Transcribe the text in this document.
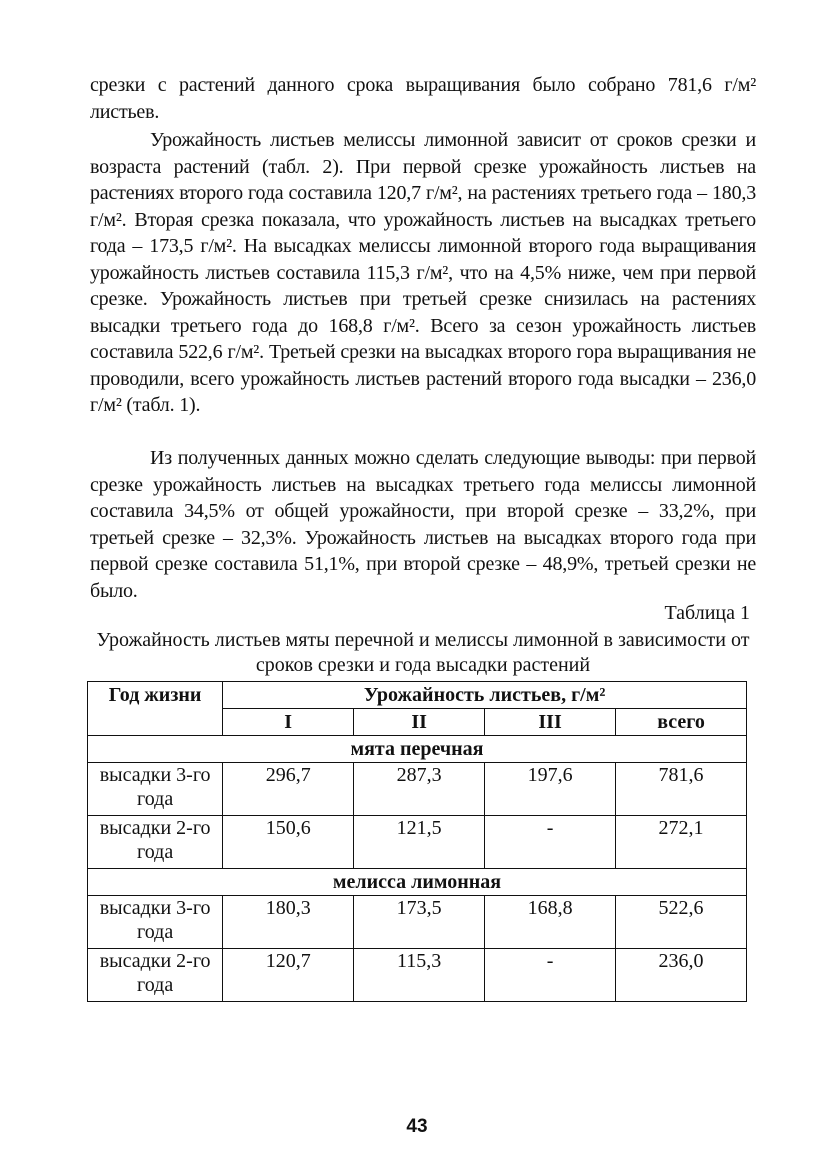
срезки с растений данного срока выращивания было собрано 781,6 г/м² листьев.
Урожайность листьев мелиссы лимонной зависит от сроков срезки и возраста растений (табл. 2). При первой срезке урожайность листьев на растениях второго года составила 120,7 г/м², на растениях третьего года – 180,3 г/м². Вторая срезка показала, что урожайность листьев на высадках третьего года – 173,5 г/м². На высадках мелиссы лимонной второго года выращивания урожайность листьев составила 115,3 г/м², что на 4,5% ниже, чем при первой срезке. Урожайность листьев при третьей срезке снизилась на растениях высадки третьего года до 168,8 г/м². Всего за сезон урожайность листьев составила 522,6 г/м². Третьей срезки на высадках второго гора выращивания не проводили, всего урожайность листьев растений второго года высадки – 236,0 г/м² (табл. 1).
Из полученных данных можно сделать следующие выводы: при первой срезке урожайность листьев на высадках третьего года мелиссы лимонной составила 34,5% от общей урожайности, при второй срезке – 33,2%, при третьей срезке – 32,3%. Урожайность листьев на высадках второго года при первой срезке составила 51,1%, при второй срезке – 48,9%, третьей срезки не было.
Таблица 1
Урожайность листьев мяты перечной и мелиссы лимонной в зависимости от сроков срезки и года высадки растений
Год жизни	Урожайность листьев, г/м²			
	I	II	III	всего
мята перечная				
высадки 3-го года	296,7	287,3	197,6	781,6
высадки 2-го года	150,6	121,5	-	272,1
мелисса лимонная				
высадки 3-го года	180,3	173,5	168,8	522,6
высадки 2-го года	120,7	115,3	-	236,0
43
